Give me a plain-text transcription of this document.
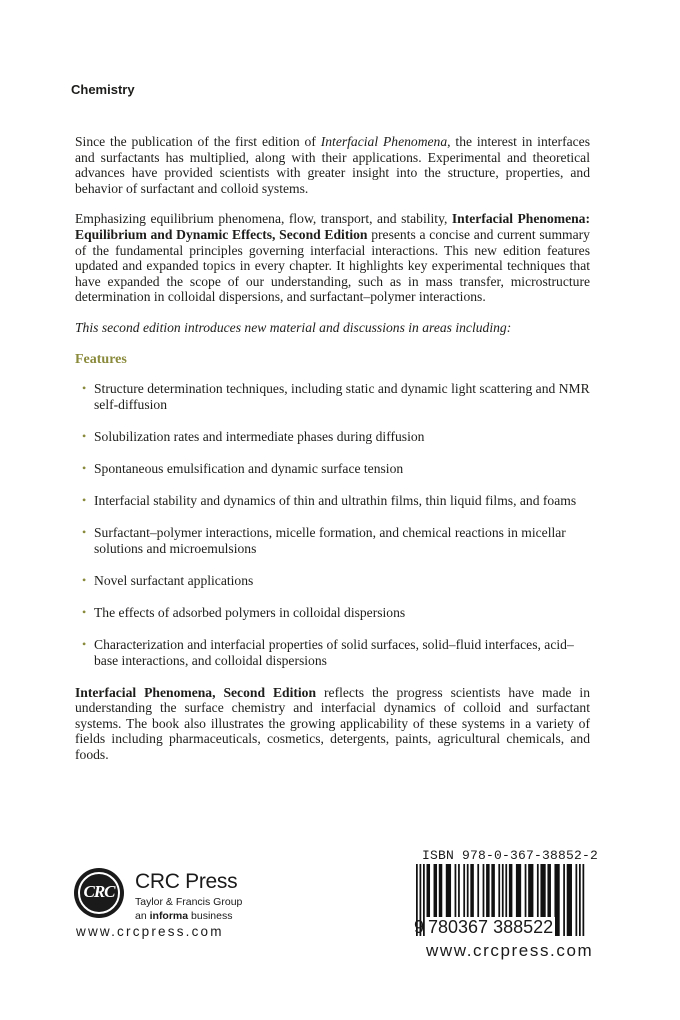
Chemistry

Since the publication of the first edition of Interfacial Phenomena, the interest in interfaces and surfactants has multiplied, along with their applications. Experimental and theoretical advances have provided scientists with greater insight into the structure, properties, and behavior of surfactant and colloid systems.

Emphasizing equilibrium phenomena, flow, transport, and stability, Interfacial Phenomena: Equilibrium and Dynamic Effects, Second Edition presents a concise and current summary of the fundamental principles governing interfacial interactions. This new edition features updated and expanded topics in every chapter. It highlights key experimental techniques that have expanded the scope of our understanding, such as in mass transfer, microstructure determination in colloidal dispersions, and surfactant–polymer interactions.

This second edition introduces new material and discussions in areas including:

Features
• Structure determination techniques, including static and dynamic light scattering and NMR self-diffusion
• Solubilization rates and intermediate phases during diffusion
• Spontaneous emulsification and dynamic surface tension
• Interfacial stability and dynamics of thin and ultrathin films, thin liquid films, and foams
• Surfactant–polymer interactions, micelle formation, and chemical reactions in micellar solutions and microemulsions
• Novel surfactant applications
• The effects of adsorbed polymers in colloidal dispersions
• Characterization and interfacial properties of solid surfaces, solid–fluid interfaces, acid–base interactions, and colloidal dispersions

Interfacial Phenomena, Second Edition reflects the progress scientists have made in understanding the surface chemistry and interfacial dynamics of colloid and surfactant systems. The book also illustrates the growing applicability of these systems in a variety of fields including pharmaceuticals, cosmetics, detergents, paints, agricultural chemicals, and foods.

CRC CRC Press
Taylor & Francis Group
an informa business
www.crcpress.com
ISBN 978-0-367-38852-2
9 780367 388522
www.crcpress.com
